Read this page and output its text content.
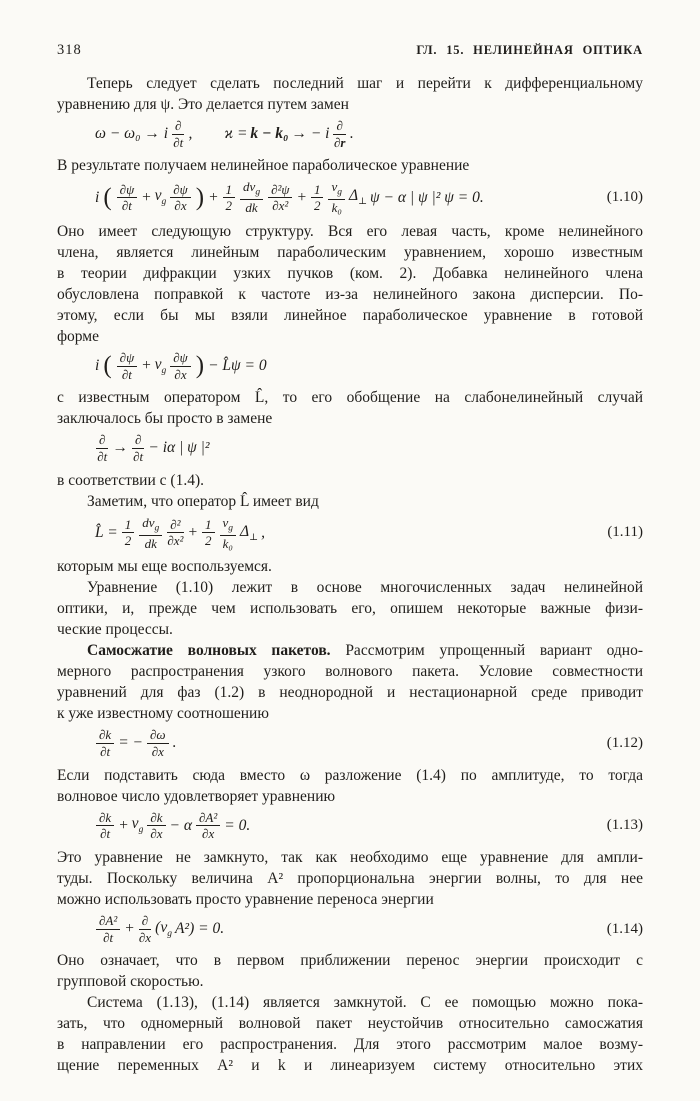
318	ГЛ. 15. НЕЛИНЕЙНАЯ ОПТИКА
Теперь следует сделать последний шаг и перейти к дифференциальному
уравнению для ψ. Это делается путем замен
ω − ω₀ → i ∂
∂t , ϰ = k − k₀ → − i ∂
∂r .
В результате получаем нелинейное параболическое уравнение
i ( ∂ψ
$\partial t + v_g$
∂ψ
∂x ) + $\frac{1}{2} dv_g$
dk
∂²ψ
$\partial x^2 + \frac{1}{2} v_g$
k₀
$\Delta_\perp$ ψ − α | ψ |² ψ = 0.	(1.10)
Оно имеет следующую структуру. Вся его левая часть, кроме нелинейного
члена, является линейным параболическим уравнением, хорошо известным
в теории дифракции узких пучков (ком. 2). Добавка нелинейного члена
обусловлена поправкой к частоте из-за нелинейного закона дисперсии. По-
этому, если бы мы взяли линейное параболическое уравнение в готовой
форме
i ( ∂ψ
$\partial t + v_g$
∂ψ
∂x ) − L̂ψ = 0
с известным оператором L̂, то его обобщение на слабонелинейный случай
заключалось бы просто в замене
∂
∂t → ∂
∂t − iα | ψ |²
в соответствии с (1.4).
Заметим, что оператор L̂ имеет вид
L̂ = $\frac{1}{2} dv_g$
dk
∂²
$\partial x^2 + \frac{1}{2} v_g$
k₀
$\Delta_\perp$ ,	(1.11)
которым мы еще воспользуемся.
Уравнение (1.10) лежит в основе многочисленных задач нелинейной
оптики, и, прежде чем использовать его, опишем некоторые важные физи-
ческие процессы.
Самосжатие волновых пакетов. Рассмотрим упрощенный вариант одно-
мерного распространения узкого волнового пакета. Условие совместности
уравнений для фаз (1.2) в неоднородной и нестационарной среде приводит
к уже известному соотношению
$\frac{\partial k}{\partial t}$ = − $\frac{\partial\omega}{\partial x}$ .	(1.12)
Если подставить сюда вместо ω разложение (1.4) по амплитуде, то тогда
волновое число удовлетворяет уравнению
∂k
$\partial t + v_g$
∂k
∂x − α $\frac{\text{∂A²}}{\partial x} = 0$.	(1.13)
Это уравнение не замкнуто, так как необходимо еще уравнение для ампли-
туды. Поскольку величина A² пропорциональна энергии волны, то для нее
можно использовать просто уравнение переноса энергии
∂A²
∂t + ∂
∂x
($v_g$ A²) = 0.	(1.14)
Оно означает, что в первом приближении перенос энергии происходит с
групповой скоростью.
Система (1.13), (1.14) является замкнутой. С ее помощью можно пока-
зать, что одномерный волновой пакет неустойчив относительно самосжатия
в направлении его распространения. Для этого рассмотрим малое возму-
щение переменных A² и k и линеаризуем систему относительно этих
